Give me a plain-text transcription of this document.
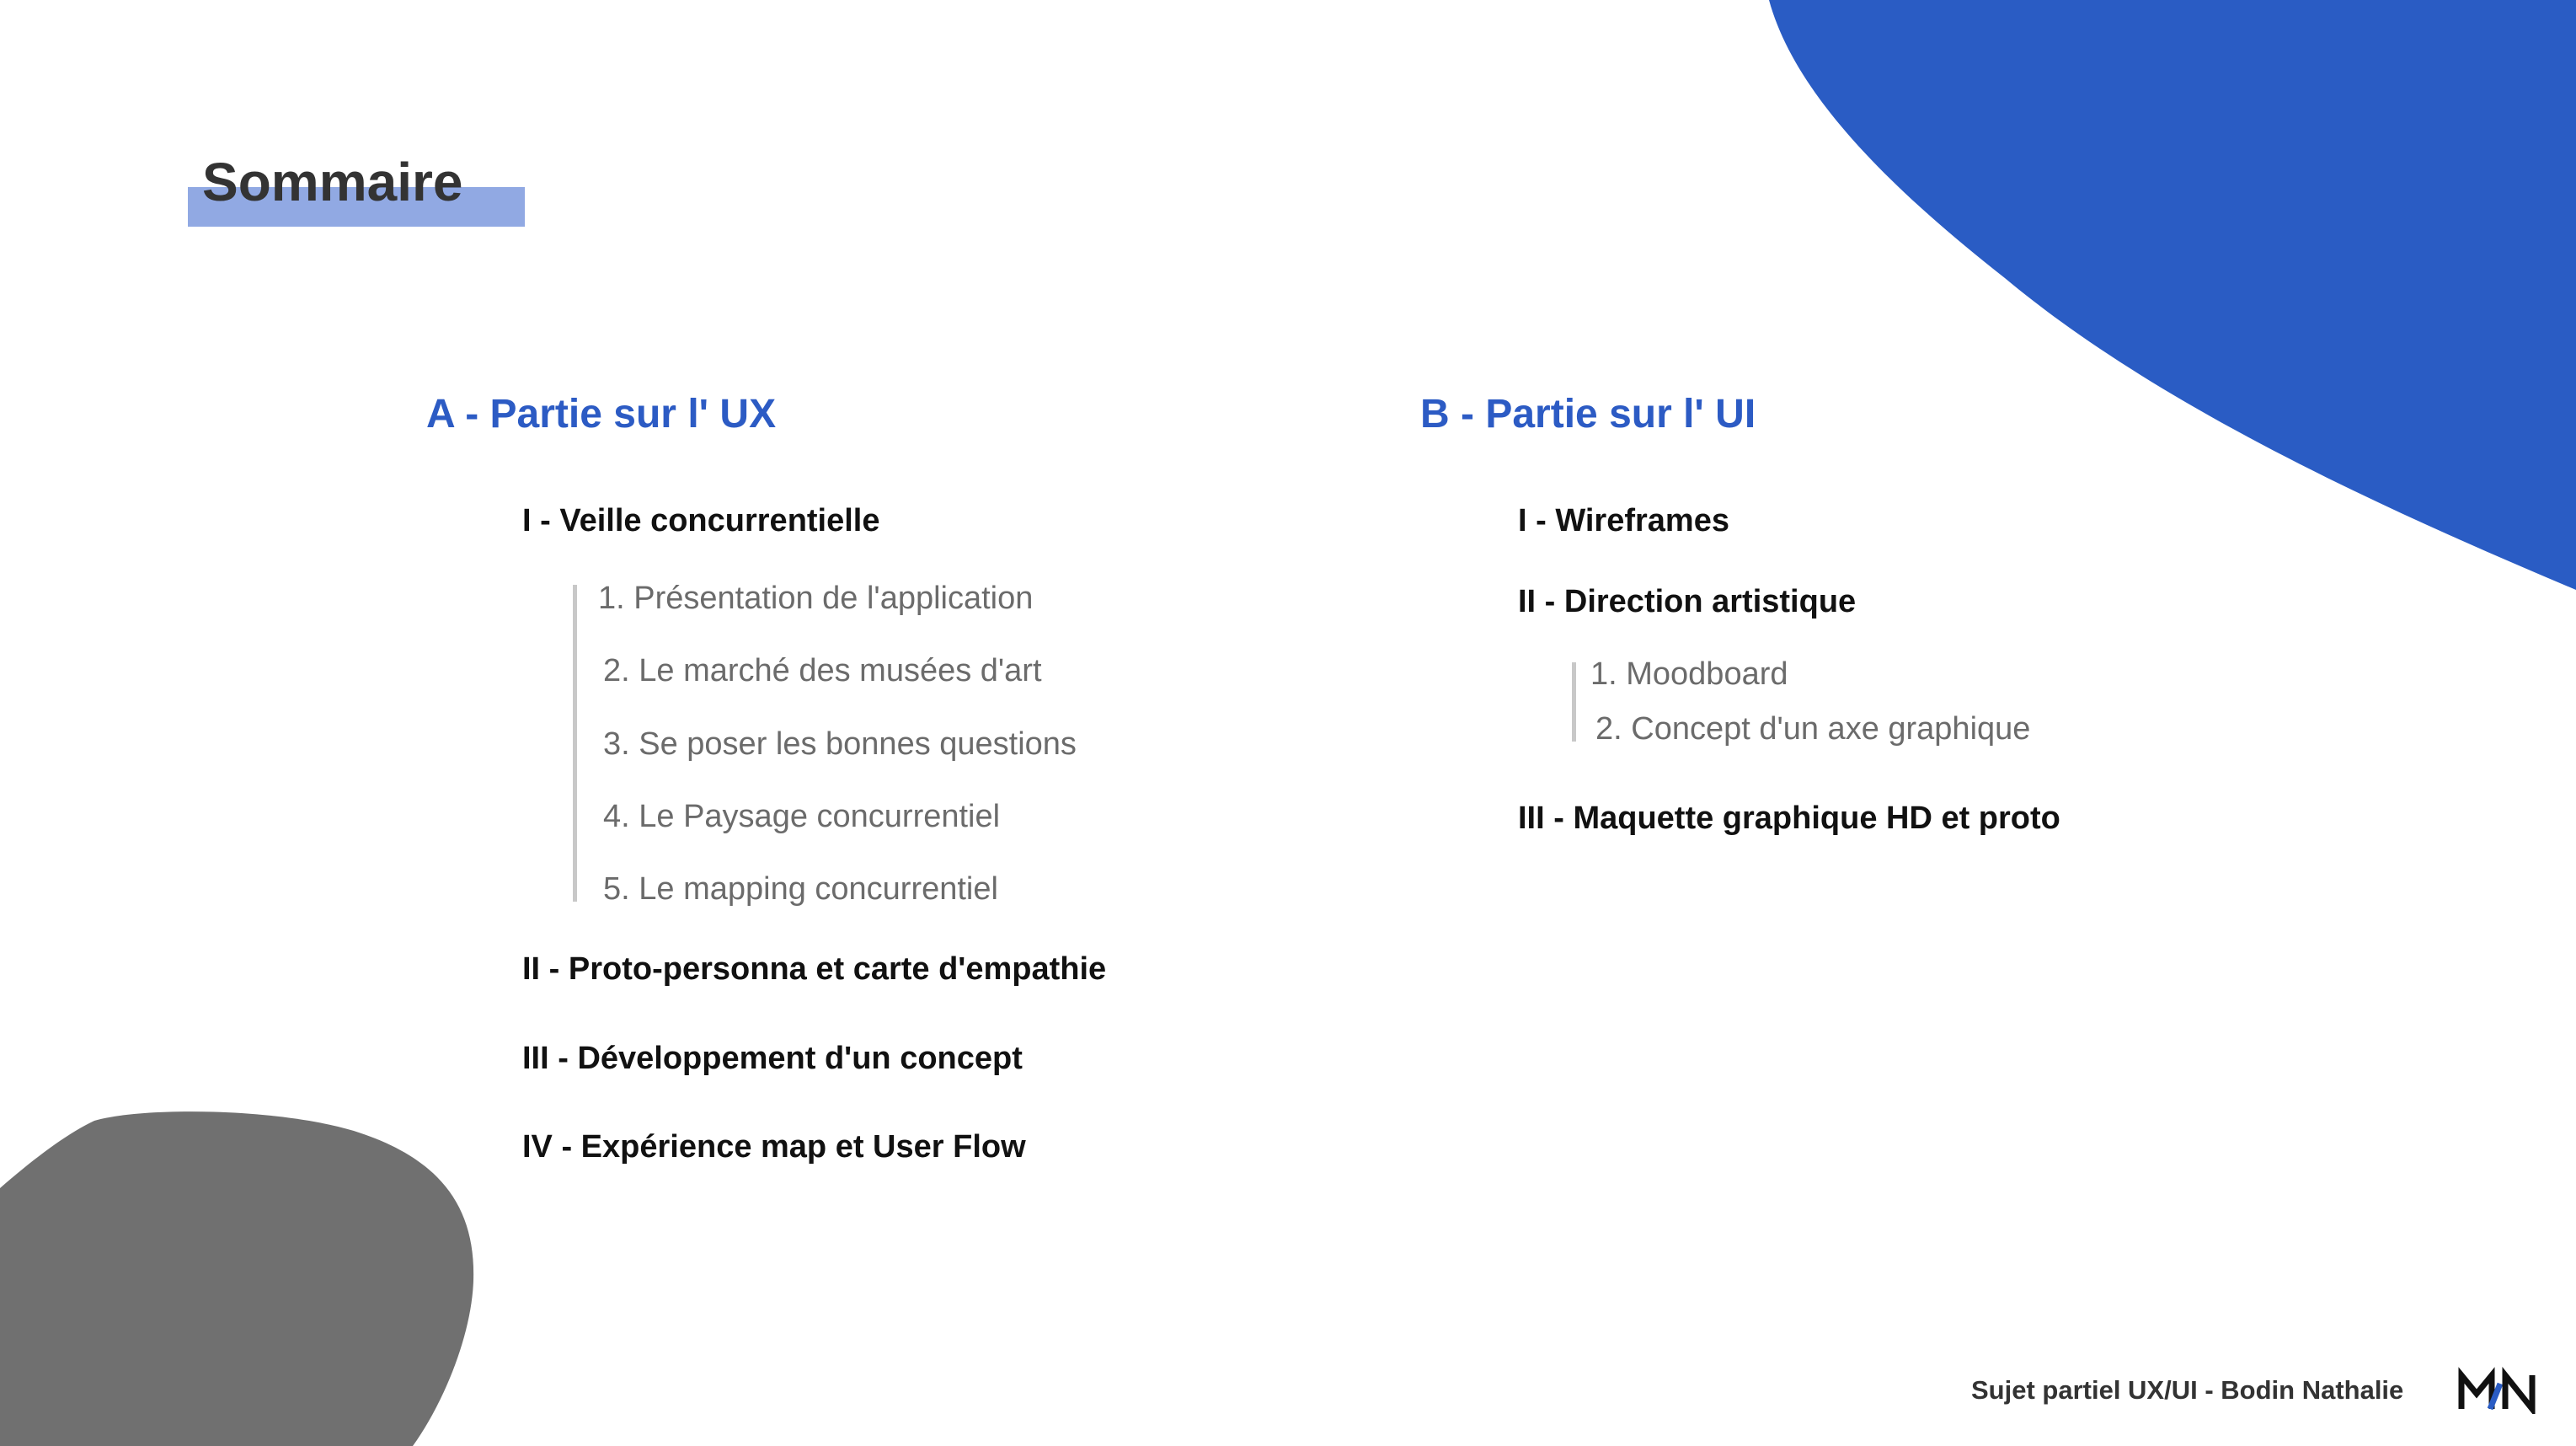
Sommaire
A - Partie sur l' UX
I - Veille concurrentielle
1. Présentation de l'application
2. Le marché des musées d'art
3. Se poser les bonnes questions
4. Le Paysage concurrentiel
5. Le mapping concurrentiel
II - Proto-personna et carte d'empathie
III - Développement d'un concept
IV - Expérience map et User Flow
B - Partie sur l' UI
I - Wireframes
II - Direction artistique
1. Moodboard
2. Concept d'un axe graphique
III - Maquette graphique HD et proto
Sujet partiel UX/UI - Bodin Nathalie
